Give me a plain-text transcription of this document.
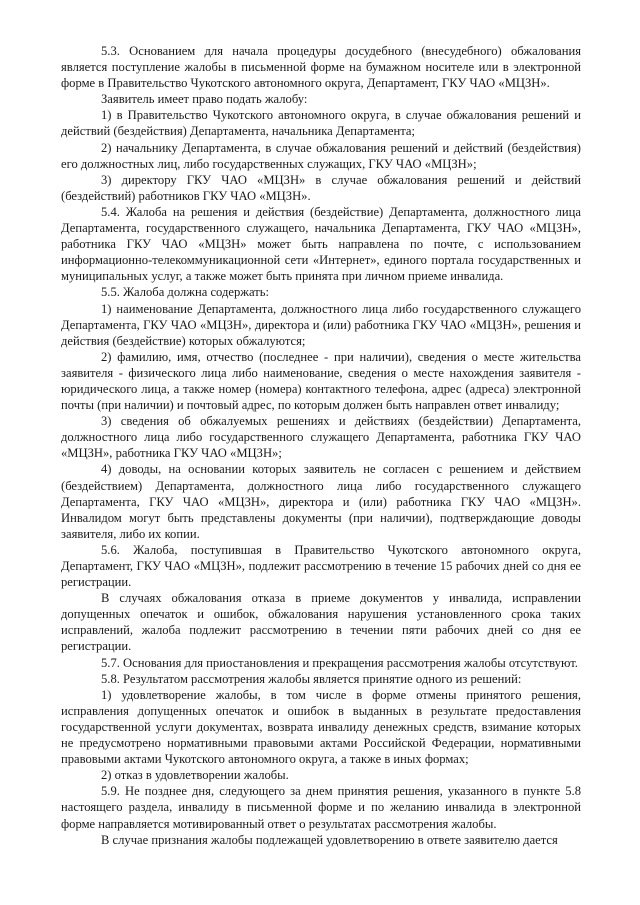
5.3. Основанием для начала процедуры досудебного (внесудебного) обжалования является поступление жалобы в письменной форме на бумажном носителе или в электронной форме в Правительство Чукотского автономного округа, Департамент, ГКУ ЧАО «МЦЗН».

Заявитель имеет право подать жалобу:

1) в Правительство Чукотского автономного округа, в случае обжалования решений и действий (бездействия) Департамента, начальника Департамента;

2) начальнику Департамента, в случае обжалования решений и действий (бездействия) его должностных лиц, либо государственных служащих, ГКУ ЧАО «МЦЗН»;

3) директору ГКУ ЧАО «МЦЗН» в случае обжалования решений и действий (бездействий) работников ГКУ ЧАО «МЦЗН».

5.4. Жалоба на решения и действия (бездействие) Департамента, должностного лица Департамента, государственного служащего, начальника Департамента, ГКУ ЧАО «МЦЗН», работника ГКУ ЧАО «МЦЗН» может быть направлена по почте, с использованием информационно-телекоммуникационной сети «Интернет», единого портала государственных и муниципальных услуг, а также может быть принята при личном приеме инвалида.

5.5. Жалоба должна содержать:

1) наименование Департамента, должностного лица либо государственного служащего Департамента, ГКУ ЧАО «МЦЗН», директора и (или) работника ГКУ ЧАО «МЦЗН», решения и действия (бездействие) которых обжалуются;

2) фамилию, имя, отчество (последнее - при наличии), сведения о месте жительства заявителя - физического лица либо наименование, сведения о месте нахождения заявителя - юридического лица, а также номер (номера) контактного телефона, адрес (адреса) электронной почты (при наличии) и почтовый адрес, по которым должен быть направлен ответ инвалиду;

3) сведения об обжалуемых решениях и действиях (бездействии) Департамента, должностного лица либо государственного служащего Департамента, работника ГКУ ЧАО «МЦЗН», работника ГКУ ЧАО «МЦЗН»;

4) доводы, на основании которых заявитель не согласен с решением и действием (бездействием) Департамента, должностного лица либо государственного служащего Департамента, ГКУ ЧАО «МЦЗН», директора и (или) работника ГКУ ЧАО «МЦЗН». Инвалидом могут быть представлены документы (при наличии), подтверждающие доводы заявителя, либо их копии.

5.6. Жалоба, поступившая в Правительство Чукотского автономного округа, Департамент, ГКУ ЧАО «МЦЗН», подлежит рассмотрению в течение 15 рабочих дней со дня ее регистрации.

В случаях обжалования отказа в приеме документов у инвалида, исправлении допущенных опечаток и ошибок, обжалования нарушения установленного срока таких исправлений, жалоба подлежит рассмотрению в течении пяти рабочих дней со дня ее регистрации.

5.7. Основания для приостановления и прекращения рассмотрения жалобы отсутствуют.

5.8. Результатом рассмотрения жалобы является принятие одного из решений:

1) удовлетворение жалобы, в том числе в форме отмены принятого решения, исправления допущенных опечаток и ошибок в выданных в результате предоставления государственной услуги документах, возврата инвалиду денежных средств, взимание которых не предусмотрено нормативными правовыми актами Российской Федерации, нормативными правовыми актами Чукотского автономного округа, а также в иных формах;

2) отказ в удовлетворении жалобы.

5.9. Не позднее дня, следующего за днем принятия решения, указанного в пункте 5.8 настоящего раздела, инвалиду в письменной форме и по желанию инвалида в электронной форме направляется мотивированный ответ о результатах рассмотрения жалобы.

В случае признания жалобы подлежащей удовлетворению в ответе заявителю дается
